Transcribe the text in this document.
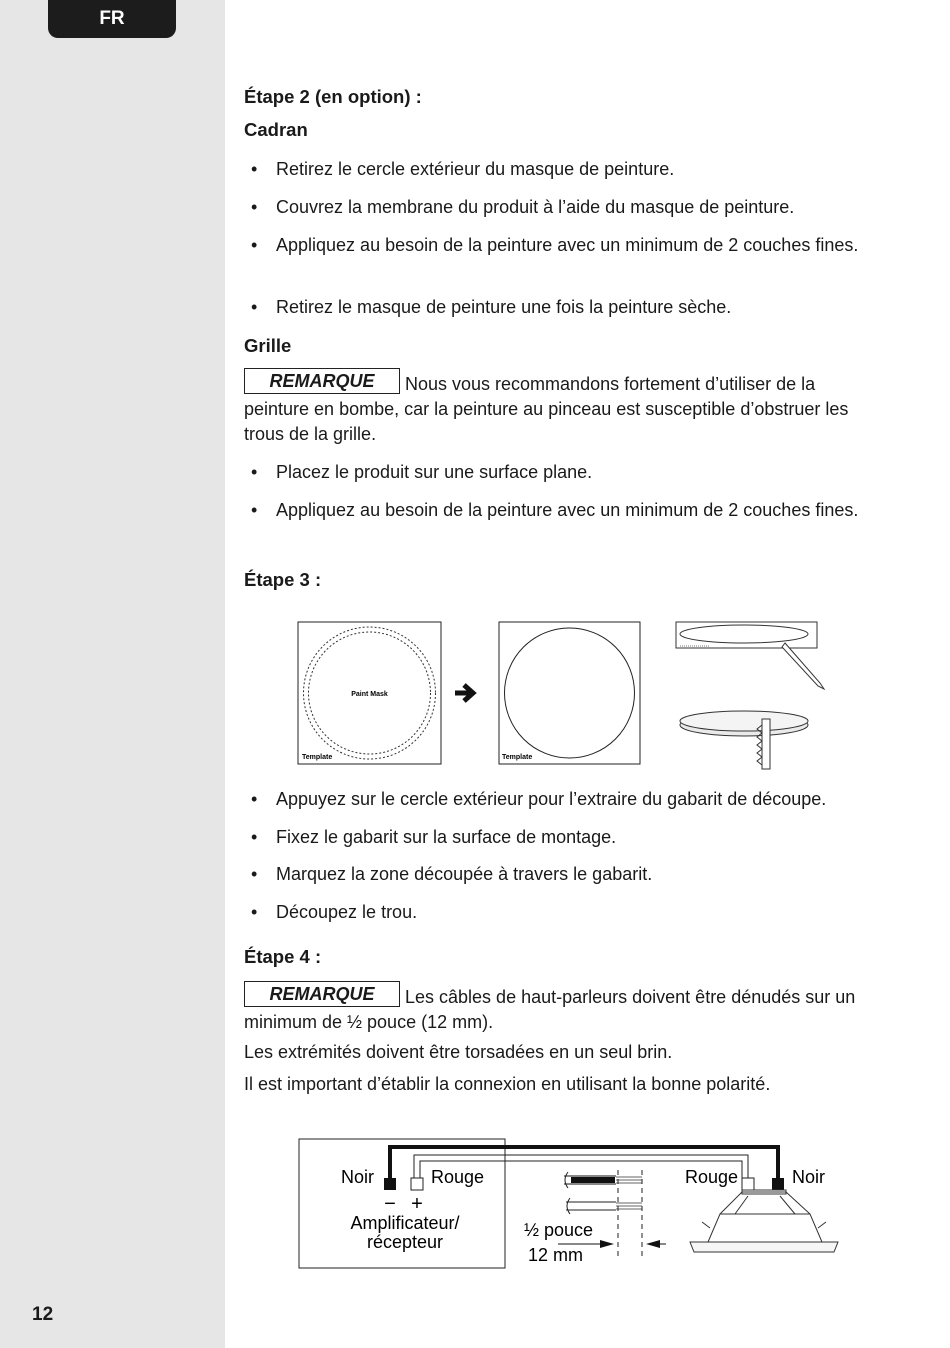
FR
12
Étape 2 (en option) :
Cadran
• Retirez le cercle extérieur du masque de peinture.
• Couvrez la membrane du produit à l’aide du masque de peinture.
• Appliquez au besoin de la peinture avec un minimum de 2 couches fines.
• Retirez le masque de peinture une fois la peinture sèche.
Grille
REMARQUE Nous vous recommandons fortement d’utiliser de la peinture en bombe, car la peinture au pinceau est susceptible d’obstruer les trous de la grille.
• Placez le produit sur une surface plane.
• Appliquez au besoin de la peinture avec un minimum de 2 couches fines.
Étape 3 :
• Appuyez sur le cercle extérieur pour l’extraire du gabarit de découpe.
• Fixez le gabarit sur la surface de montage.
• Marquez la zone découpée à travers le gabarit.
• Découpez le trou.
Étape 4 :
REMARQUE Les câbles de haut-parleurs doivent être dénudés sur un minimum de ½ pouce (12 mm).
Les extrémités doivent être torsadées en un seul brin.
Il est important d’établir la connexion en utilisant la bonne polarité.
Paint Mask
Template	Template
Noir	Rouge
− +
Amplificateur/
récepteur
½ pouce
12 mm
Rouge	Noir
